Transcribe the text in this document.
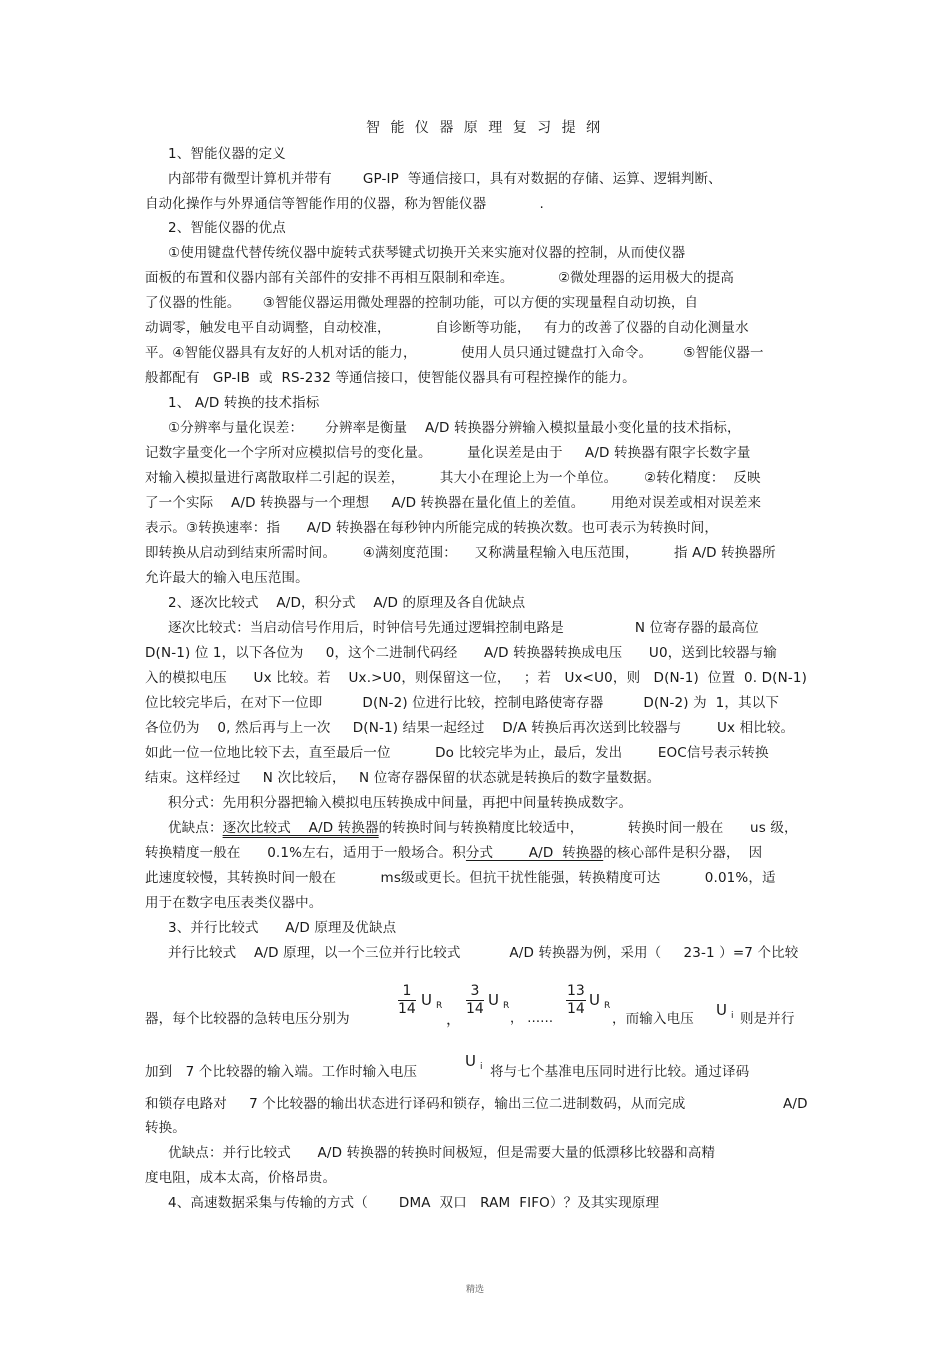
智 能 仪 器 原 理 复 习 提 纲
1、智能仪器的定义
内部带有微型计算机并带有       GP-IP  等通信接口，具有对数据的存储、运算、逻辑判断、
自动化操作与外界通信等智能作用的仪器，称为智能仪器            .
2、智能仪器的优点
①使用键盘代替传统仪器中旋转式获琴键式切换开关来实施对仪器的控制，从而使仪器
面板的布置和仪器内部有关部件的安排不再相互限制和牵连。          ②微处理器的运用极大的提高
了仪器的性能。     ③智能仪器运用微处理器的控制功能，可以方便的实现量程自动切换，自
动调零，触发电平自动调整，自动校准，          自诊断等功能，   有力的改善了仪器的自动化测量水
平。④智能仪器具有友好的人机对话的能力，          使用人员只通过键盘打入命令。       ⑤智能仪器一
般都配有   GP-IB  或  RS-232 等通信接口，使智能仪器具有可程控操作的能力。
1、 A/D 转换的技术指标
①分辨率与量化误差：     分辨率是衡量    A/D 转换器分辨输入模拟量最小变化量的技术指标，
记数字量变化一个字所对应模拟信号的变化量。        量化误差是由于     A/D 转换器有限字长数字量
对输入模拟量进行离散取样二引起的误差，        其大小在理论上为一个单位。      ②转化精度：  反映
了一个实际    A/D 转换器与一个理想     A/D 转换器在量化值上的差值。      用绝对误差或相对误差来
表示。③转换速率：指      A/D 转换器在每秒钟内所能完成的转换次数。也可表示为转换时间，
即转换从启动到结束所需时间。      ④满刻度范围：    又称满量程输入电压范围，        指 A/D 转换器所
允许最大的输入电压范围。
2、逐次比较式    A/D，积分式    A/D 的原理及各自优缺点
逐次比较式：当启动信号作用后，时钟信号先通过逻辑控制电路是                N 位寄存器的最高位
D(N-1) 位 1，以下各位为     0，这个二进制代码经      A/D 转换器转换成电压      U0，送到比较器与输
入的模拟电压      Ux 比较。若    Ux.>U0，则保留这一位，   ；若   Ux<U0，则   D(N-1)  位置  0. D(N-1)
位比较完毕后，在对下一位即         D(N-2) 位进行比较，控制电路使寄存器         D(N-2) 为  1，其以下
各位仍为    0, 然后再与上一次     D(N-1) 结果一起经过    D/A 转换后再次送到比较器与        Ux 相比较。
如此一位一位地比较下去，直至最后一位          Do 比较完毕为止，最后，发出        EOC信号表示转换
结束。这样经过     N 次比较后，   N 位寄存器保留的状态就是转换后的数字量数据。
积分式：先用积分器把输入模拟电压转换成中间量，再把中间量转换成数字。
优缺点：逐次比较式    A/D 转换器的转换时间与转换精度比较适中，          转换时间一般在      us 级，
转换精度一般在      0.1%左右，适用于一般场合。积分式        A/D  转换器的核心部件是积分器，  因
此速度较慢，其转换时间一般在          ms级或更长。但抗干扰性能强，转换精度可达          0.01%，适
用于在数字电压表类仪器中。
3、并行比较式      A/D 原理及优缺点
并行比较式    A/D 原理，以一个三位并行比较式           A/D 转换器为例，采用（     23-1 ）=7 个比较
器，每个比较器的急转电压分别为
$\frac{1}{14}$ U R
，
$\frac{3}{14}$ U R
， ……
$\frac{13}{14}$ U R
，而输入电压 U i 则是并行
加到   7 个比较器的输入端。工作时输入电压
U i 将与七个基准电压同时进行比较。通过译码
和锁存电路对     7 个比较器的输出状态进行译码和锁存，输出三位二进制数码，从而完成	A/D
转换。
优缺点：并行比较式      A/D 转换器的转换时间极短，但是需要大量的低漂移比较器和高精
度电阻，成本太高，价格昂贵。
4、高速数据采集与传输的方式（       DMA  双口   RAM  FIFO）？及其实现原理
精选
